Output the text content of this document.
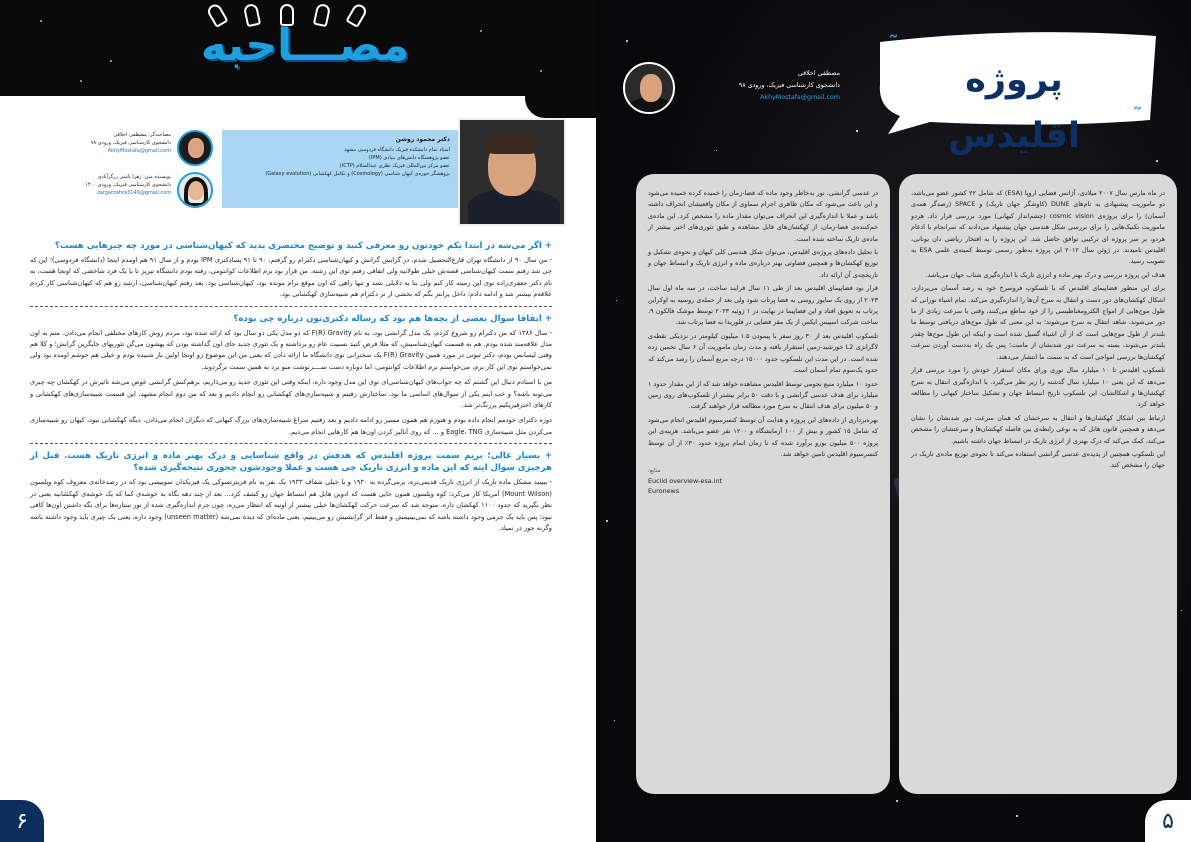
مصـــاحبه
دکتر محمود روشن
استاد تمام دانشکده فیزیک دانشگاه فردوسی مشهد
عضو پژوهشگاه دانش‌های بنیادی (IPM)
عضو مرکز بین‌المللی فیزیک نظری عبدالسلام (ICTP)
پژوهشگر حوزه‌ی کیهان شناسی (Cosmology) و تکامل کهکشانی (Galaxy evolution)
مصاحبه‌گر: مصطفی اخلاقی
دانشجوی کارشناسی فیزیک، ورودی ۹۸
AkhyMostafa@gmail.com
نویسنده متن: زهرا باشی زرگرآبادی
دانشجوی کارشناسی فیزیک، ورودی ۱۴۰۰
zargarzahra3149@gmail.com
+ اگر می‌شه در ابتدا یکم خودتون رو معرفی کنید و توضیح مختصری بدید که کیهان‌شناسی در مورد چه چیزهایی هست؟
- من سال ۹۰ از دانشگاه تهران فارغ‌التحصیل شدم، در گرایش گرانش و کیهان‌شناسی دکترام رو گرفتم، ۹۰ تا ۹۱ پسادکتری IPM بودم و از سال ۹۱ هم اومدم اینجا (دانشگاه فردوسی)؛ این که چی شد رفتم سمت کیهان‌شناسی قصه‌ش خیلی طولانیه ولی اتفاقی رفتم توی این رشته. من قرار بود برم اطلاعات کوانتومی، رفته بودم دانشگاه تبریز تا با یک فرد شاخصی که اونجا هست، به نام دکتر جعفری‌زاده توی این زمینه کار کنم ولی بنا به دلایلی نشد و تنها راهی که اون موقع برام مونده بود، کیهان‌شناسی بود. بعد رفتم کیهان‌شناسی، ارشد رو هم که کیهان‌شناسی کار کردم علاقه‌م بیشتر شد و ادامه دادم؛ داخل پرانتز بگم که بخشی از تز دکترام هم شبیه‌سازی کهکشانی بود.
+ اتفاقا سوال بعضی از بچه‌ها هم بود که رساله دکتری‌تون درباره چی بوده؟
- سال ۱۳۸۶ که من دکترام رو شروع کردم، یک مدل گرانشی بود، به نام F(R) Gravity که دو مدل یکی دو سال بود که ارائه شده بود، مردم روش کارهای مختلفی انجام می‌دادن. منم به اون مدل علاقه‌مند شده بودم. هم به قسمت کیهان‌شناسیش، که مثلا فرض کنید نسبیت عام رو برداشته و یک تئوری جدید جای اون گذاشته بودن که بهشون می‌گن تئوریهای جایگزین گرانش؛ و کلا هم وقتی لیسانس بودم، دکتر ثبوتی در مورد همین F(R) Gravity یک سخنرانی توی دانشگاه ما ارائه دادن که یعنی من این موضوع رو اونجا اولین بار شنیده بودم و خیلی هم خوشم اومده بود ولی نمی‌خواستم توی این کار برم، می‌خواستم برم اطلاعات کوانتومی، اما دوباره دست ســــرنوشت منو برد به همین سمت برگردوند.
من با استادم دنبال این گشتم که چه جواب‌های کیهان‌شناسی‌ای توی این مدل وجود داره، اینکه وقتی این تئوری جدید رو می‌ذاریم، برهم‌کنش گرانشی عوض می‌شه تاثیرش در کهکشان چه چیزی می‌تونه باشه؟ و خب اینم یکی از سوال‌های اساسی ما بود، ساختارش رفتیم و شبیه‌سازی‌های کهکشانی رو انجام دادیم و بعد که من دوم انجام مشهد، این قسمت شبیه‌سازی‌های کهکشانی و کارهای اخترفیزیکیم پررنگ‌تر شد.
دوره دکترای خودمم انجام داده بودم و هنوزم هم همون مسیر رو ادامه دادیم و بعد رفتیم سراغ شبیه‌سازی‌های بزرگ کیهانی که دیگران انجام می‌دادن، دیگه کهکشانی نبود، کیهان رو شبیه‌سازی می‌کردن مثل شبیه‌سازی Eagle، TNG و ... که روی آنالیز کردن اون‌ها هم کارهایی انجام می‌دیم.
+ بسیار عالی؛ بریم سمت پروژه اقلیدس که هدفش در واقع شناسایی و درک بهتر ماده و انرژی تاریک هست. قبل از هرچیزی سوال اینه که این ماده و انرژی تاریک چی هست و عملا وجودشون چجوری نتیجه‌گیری شده؟
- ببینید مشکل ماده تاریک از انرژی تاریک قدیمی‌تره، برمی‌گرده به ۱۹۳۰ و یا خیلی شفاف ۱۹۳۳ یک نفر به نام فریتز‌تسوکی یک فیزیکدان سوییسی بود که در رصدخانه‌ی معروف کوه ویلسون (Mount Wilson) آمریکا کار می‌کرد؛ کوه ویلسون همون جایی هست که ادوین هابل هم انبساط جهان رو کشف کرد... بعد از چند دهه نگاه به خوشه‌ی کما که یک خوشه‌ی کهکشانیه یعنی در نظر بگیرید که حدود ۱۱۰۰ کهکشان داره، متوجه شد که سرعت حرکت کهکشان‌ها خیلی بیشتر از اونیه که انتظار می‌ره، چون جرم اندازه‌گیری شده از نور ستاره‌ها برای نگه داشتن اون‌ها کافی نبود؛ پس باید یک جرمی وجود داشته باشه که نمی‌بینیمش و فقط اثر گرانشیش رو می‌بینیم، یعنی ماده‌ای که دیده نمی‌شه (unseen matter) وجود داره، یعنی یک چیزی باید وجود داشته باشه وگرنه جور در نمیاد.
۶
˜
˜
پروژه اقلیدس
مصطفی اخلاقی
دانشجوی کارشناسی فیزیک، ورودی ۹۸
AkhyMostafa@gmail.com
در ماه مارس سال ۲۰۰۷ میلادی، آژانس فضایی اروپا (ESA) که شامل ۲۲ کشور عضو می‌باشد، دو ماموریت پیشنهادی به نام‌های DUNE (کاوشگر جهان تاریک) و SPACE (رصدگر همه‌ی آسمان) را برای پروژه‌ی cosmic vision (چشم‌انداز کیهانی) مورد بررسی قرار داد. هردو ماموریت تکنیک‌هایی را برای بررسی شکل هندسی جهان پیشنهاد می‌دادند که سرانجام با ادغام هردو، بر سر پروژه ای ترکیبی توافق حاصل شد. این پروژه را به افتخار ریاضی دان یونانی، اقلیدس نامیدند. در ژوئن سال ۲۰۱۲ این پروژه به‌طور رسمی توسط کمیته‌ی علمی ESA به تصویب رسید.
هدف این پروژه بررسی و درک بهتر ماده و انرژی تاریک با اندازه‌گیری شتاب جهان می‌باشد.
برای این منظور فضاپیمای اقلیدس که با تلسکوپ فروسرخ خود به رصد آسمان می‌پردازد، اشکال کهکشان‌های دور دست و انتقال به سرخ آن‌ها را اندازه‌گیری می‌کند. تمام اشیاء نورانی که طول موج‌هایی از امواج الکترومغناطیسی را از خود ساطع می‌کنند، وقتی با سرعت زیادی از ما دور می‌شوند، شاهد انتقال به سرخ می‌شوند؛ به این معنی که طول موج‌های دریافتی توسط ما بلندتر از طول موج‌هایی است که از آن اشیاء گسیل شده است و اینکه این طول موج‌ها چقدر بلندتر می‌شوند، بسته به سرعت دور شدنشان از ماست؛ پس یک راه به‌دست آوردن سرعت کهکشان‌ها بررسی امواجی است که به سمت ما انتشار می‌دهند.
تلسکوپ اقلیدس تا ۱۰ میلیارد سال نوری ورای مکان استقرار خودش را مورد بررسی قرار می‌دهد که این یعنی ۱۰ میلیارد سال گذشته را زیر نظر می‌گیرد. با اندازه‌گیری انتقال به سرخ کهکشان‌ها و اشکالشان، این تلسکوپ تاریخ انبساط جهان و تشکیل ساختار کیهانی را مطالعه خواهد کرد.
ارتباط بین اشکال کهکشان‌ها و انتقال به سرخشان که همان سرعت دور شدنشان را نشان می‌دهد و همچنین قانون هابل که به نوعی رابطه‌ی بین فاصله کهکشان‌ها و سرعتشان را مشخص می‌کند، کمک می‌کند که درک بهتری از انرژی تاریک در انبساط جهان داشته باشیم.
این تلسکوپ همچنین از پدیده‌ی عدسی گرانشی استفاده می‌کند تا نحوه‌ی توزیع ماده‌ی تاریک در جهان را مشخص کند.
در عدسی گرانشی، نور به‌خاطر وجود ماده که فضا-زمان را خمیده کرده خمیده می‌شود و این باعث می‌شود که مکان ظاهری اجرام سماوی از مکان واقعیشان انحراف داشته باشد و عملا با اندازه‌گیری این انحراف می‌توان مقدار ماده را مشخص کرد. این ماده‌ی خم‌کننده‌ی فضا-زمان، از کهکشان‌های قابل مشاهده و طبق تئوری‌های اخیر بیشتر از ماده‌ی تاریک ساخته شده است.
با تحلیل داده‌های پروژه‌ی اقلیدس، می‌توان شکل هندسی کلی کیهان و نحوه‌ی تشکیل و توزیع کهکشان‌ها و همچنین فضاوتی بهتر درباره‌ی ماده و انرژی تاریک و انبساط جهان و تاریخچه‌ی آن ارائه داد.
قرار بود فضاپیمای اقلیدس بعد از طی ۱۱ سال فرایند ساخت، در سه ماه اول سال ۲۰۲۳ از روی یک سایوز روسی به فضا پرتاب شود ولی بعد از حمله‌ی روسیه به اوکراین پرتاب به تعویق افتاد و این فضاپیما در نهایت در ۱ ژوئیه ۲۰۲۳ توسط موشک فالکون ۹، ساخت شرکت اسپیس ایکس از یک مقر فضایی در فلوریدا به فضا پرتاب شد.
تلسکوپ اقلیدس بعد از ۳۰ روز سفر با پیمودن ۱.۵ میلیون کیلومتر در نزدیکی نقطه‌ی لاگرانژی L2 خورشید-زمین استقرار یافته و مدت زمان ماموریت آن ۶ سال تخمین زده شده است. در این مدت این تلسکوپ حدود ۱۵۰۰۰ درجه مربع آسمان را رصد می‌کند که حدود یک‌سوم تمام آسمان است.
حدود ۱۰ میلیارد منبع نجومی توسط اقلیدس مشاهده خواهد شد که از این مقدار حدود ۱ میلیارد برای هدف عدسی گرانشی و با دقت ۵۰ برابر بیشتر از تلسکوپ‌های روی زمین و ۵۰ میلیون برای هدف انتقال به سرخ مورد مطالعه قرار خواهند گرفت.
بهره‌برداری از داده‌های این پروژه و هدایت آن توسط کنسرسیوم اقلیدس انجام می‌شود که شامل ۱۵ کشور و بیش از ۱۰۰ آزمایشگاه و ۱۲۰۰ نفر عضو می‌باشد. هزینه‌ی این پروژه ۵۰۰ میلیون یورو برآورد شده که تا زمان اتمام پروژه حدود ۳۰٪ از آن توسط کنسرسیوم اقلیدس تامین خواهد شد.
منابع:
Euclid overview-esa.int
Euronews
۵
